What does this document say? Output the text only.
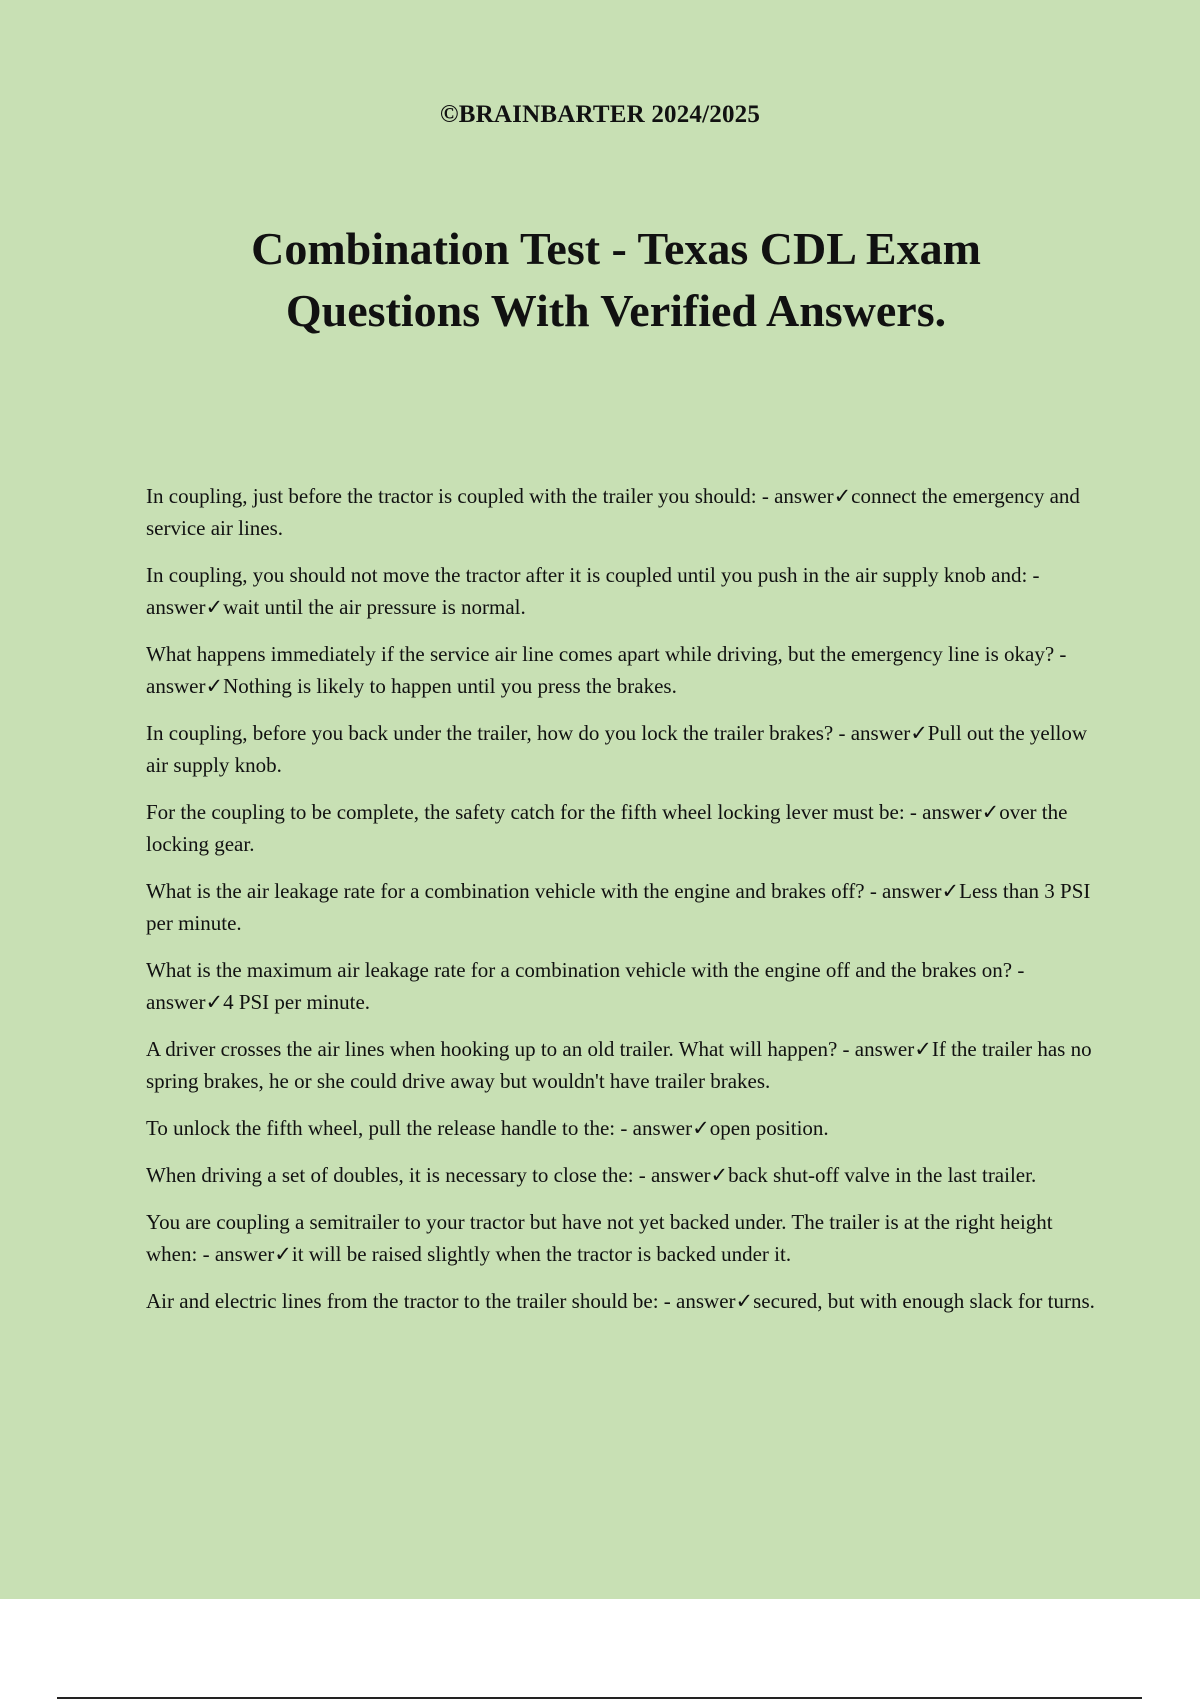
©BRAINBARTER 2024/2025
Combination Test - Texas CDL Exam
Questions With Verified Answers.

In coupling, just before the tractor is coupled with the trailer you should: - answer✓connect the emergency and service air lines.

In coupling, you should not move the tractor after it is coupled until you push in the air supply knob and: - answer✓wait until the air pressure is normal.

What happens immediately if the service air line comes apart while driving, but the emergency line is okay? - answer✓Nothing is likely to happen until you press the brakes.

In coupling, before you back under the trailer, how do you lock the trailer brakes? - answer✓Pull out the yellow air supply knob.

For the coupling to be complete, the safety catch for the fifth wheel locking lever must be: - answer✓over the locking gear.

What is the air leakage rate for a combination vehicle with the engine and brakes off? - answer✓Less than 3 PSI per minute.

What is the maximum air leakage rate for a combination vehicle with the engine off and the brakes on? - answer✓4 PSI per minute.

A driver crosses the air lines when hooking up to an old trailer. What will happen? - answer✓If the trailer has no spring brakes, he or she could drive away but wouldn't have trailer brakes.

To unlock the fifth wheel, pull the release handle to the: - answer✓open position.

When driving a set of doubles, it is necessary to close the: - answer✓back shut-off valve in the last trailer.

You are coupling a semitrailer to your tractor but have not yet backed under. The trailer is at the right height when: - answer✓it will be raised slightly when the tractor is backed under it.

Air and electric lines from the tractor to the trailer should be: - answer✓secured, but with enough slack for turns.
